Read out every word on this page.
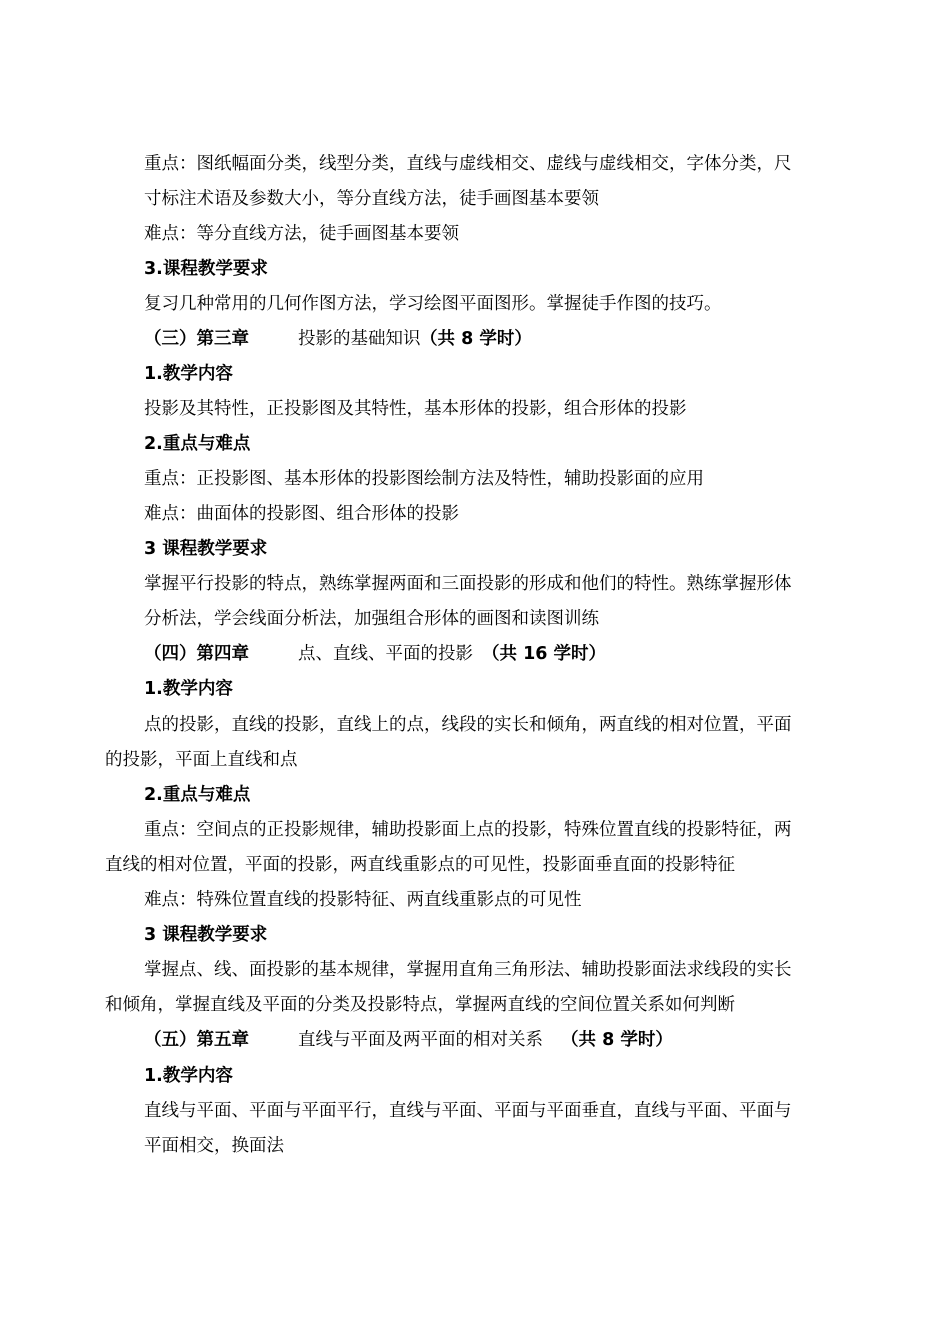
重点：图纸幅面分类，线型分类，直线与虚线相交、虚线与虚线相交，字体分类，尺
寸标注术语及参数大小，等分直线方法，徒手画图基本要领
难点：等分直线方法，徒手画图基本要领
3.课程教学要求
复习几种常用的几何作图方法，学习绘图平面图形。掌握徒手作图的技巧。
（三）第三章	投影的基础知识 （共 8 学时）
1.教学内容
投影及其特性，正投影图及其特性，基本形体的投影，组合形体的投影
2.重点与难点
重点：正投影图、基本形体的投影图绘制方法及特性，辅助投影面的应用
难点：曲面体的投影图、组合形体的投影
3 课程教学要求
掌握平行投影的特点，熟练掌握两面和三面投影的形成和他们的特性。熟练掌握形体
分析法，学会线面分析法，加强组合形体的画图和读图训练
（四）第四章	点、直线、平面的投影 （共 16 学时）
1.教学内容
点的投影，直线的投影，直线上的点，线段的实长和倾角，两直线的相对位置，平面
的投影，平面上直线和点
2.重点与难点
重点：空间点的正投影规律，辅助投影面上点的投影，特殊位置直线的投影特征，两
直线的相对位置，平面的投影，两直线重影点的可见性，投影面垂直面的投影特征
难点：特殊位置直线的投影特征、两直线重影点的可见性
3 课程教学要求
掌握点、线、面投影的基本规律，掌握用直角三角形法、辅助投影面法求线段的实长
和倾角，掌握直线及平面的分类及投影特点，掌握两直线的空间位置关系如何判断
（五）第五章	直线与平面及两平面的相对关系 （共 8 学时）
1.教学内容
直线与平面、平面与平面平行，直线与平面、平面与平面垂直，直线与平面、平面与
平面相交，换面法
